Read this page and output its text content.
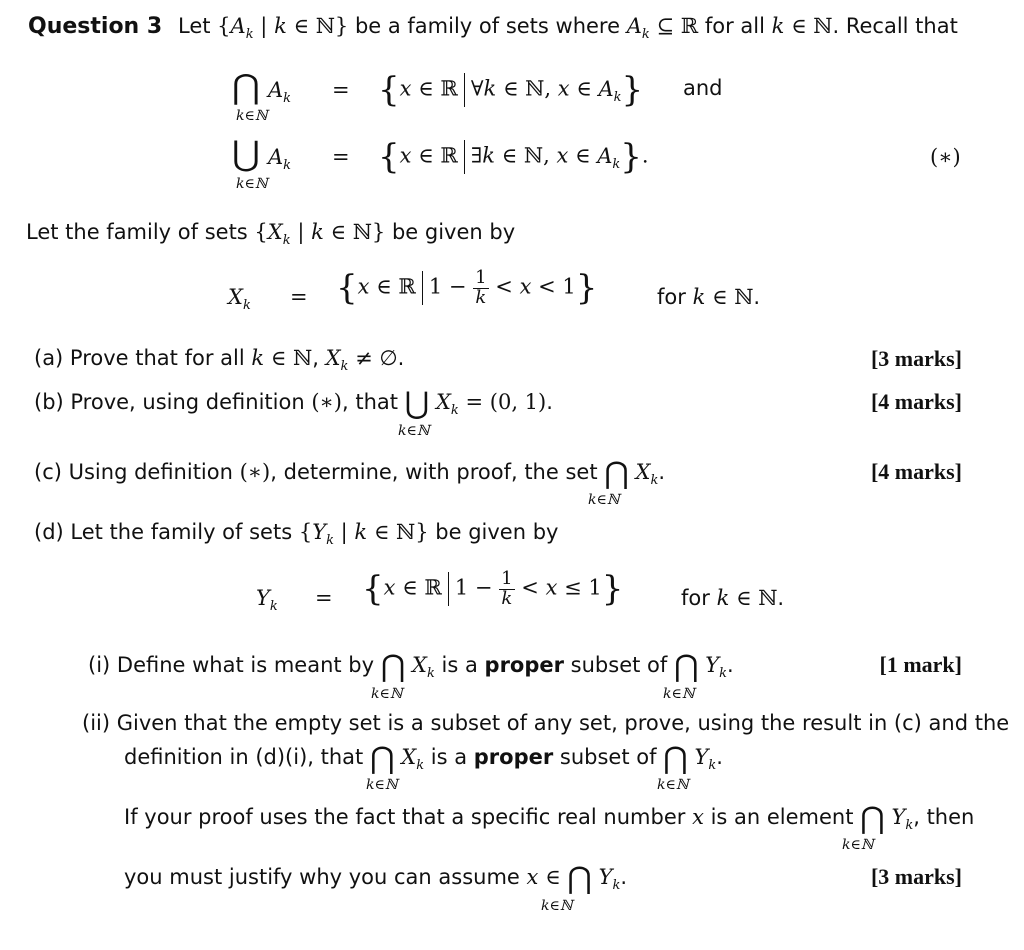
Question 3 Let {$A_k$ | k ∈ ℕ} be a family of sets where $A_k$ ⊆ ℝ for all k ∈ ℕ. Recall that
⋂ $A_k$
k∈ℕ
= {x ∈ ℝ ∀k ∈ ℕ, x ∈ $A_k$} and
⋃ $A_k$
k∈ℕ
= {x ∈ ℝ ∃k ∈ ℕ, x ∈ $A_k$}.	(∗)
Let the family of sets {$X_k$ | k ∈ ℕ} be given by
$X_k = \{x$ ∈ ℝ $1 - \frac{1}{k} < x < 1$}	for k ∈ ℕ.
(a) Prove that for all k ∈ ℕ, $X_k$ ≠ ∅.	[3 marks]
(b) Prove, using definition (∗), that ⋃ $X_k = (0$, 1).
k∈ℕ
[4 marks]
(c) Using definition (∗), determine, with proof, the set ⋂ $X_k$.
k∈ℕ
[4 marks]
(d) Let the family of sets {$Y_k$ | k ∈ ℕ} be given by
$Y_k = \{x$ ∈ ℝ $1 - \frac{1}{k} < x \le 1$}	for k ∈ ℕ.
(i) Define what is meant by ⋂ $X_k$ is a proper subset of ⋂ $Y_k$.
k∈ℕ	k∈ℕ
[1 mark]
(ii) Given that the empty set is a subset of any set, prove, using the result in (c) and the
definition in (d)(i), that ⋂ $X_k$ is a proper subset of ⋂ $Y_k$.
k∈ℕ	k∈ℕ
If your proof uses the fact that a specific real number x is an element ⋂ $Y_k$, then
k∈ℕ
you must justify why you can assume x ∈ ⋂ $Y_k$.
k∈ℕ
[3 marks]
